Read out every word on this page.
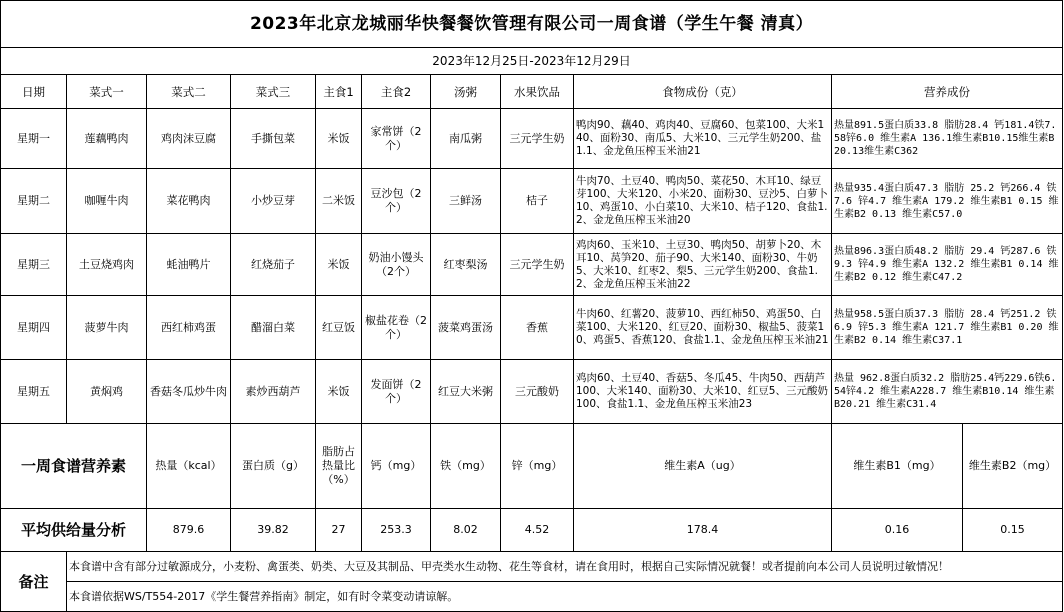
2023年北京龙城丽华快餐餐饮管理有限公司一周食谱（学生午餐 清真）											
2023年12月25日-2023年12月29日											
日期	菜式一	菜式二	菜式三	主食1	主食2	汤粥	水果饮品	食物成份（克）	营养成份		
星期一	莲藕鸭肉	鸡肉沫豆腐	手撕包菜	米饭	家常饼（2个）	南瓜粥	三元学生奶	鸭肉90、藕40、鸡肉40、豆腐60、包菜100、大米140、面粉30、南瓜5、大米10、三元学生奶200、盐1.1、金龙鱼压榨玉米油21	热量891.5蛋白质33.8 脂肪28.4 钙181.4铁7.58锌6.0 维生素A 136.1维生素B10.15维生素B20.13维生素C362		
星期二	咖喱牛肉	菜花鸭肉	小炒豆芽	二米饭	豆沙包（2个）	三鲜汤	桔子	牛肉70、土豆40、鸭肉50、菜花50、木耳10、绿豆芽100、大米120、小米20、面粉30、豆沙5、白萝卜10、鸡蛋10、小白菜10、大米10、桔子120、食盐1.2、金龙鱼压榨玉米油20	热量935.4蛋白质47.3 脂肪 25.2 钙266.4 铁7.6 锌4.7 维生素A 179.2 维生素B1 0.15 维生素B2 0.13 维生素C57.0		
星期三	土豆烧鸡肉	蚝油鸭片	红烧茄子	米饭	奶油小馒头（2个）	红枣梨汤	三元学生奶	鸡肉60、玉米10、土豆30、鸭肉50、胡萝卜20、木耳10、莴笋20、茄子90、大米140、面粉30、牛奶5、大米10、红枣2、梨5、三元学生奶200、食盐1.2、金龙鱼压榨玉米油22	热量896.3蛋白质48.2 脂肪 29.4 钙287.6 铁9.3 锌4.9 维生素A 132.2 维生素B1 0.14 维生素B2 0.12 维生素C47.2		
星期四	菠萝牛肉	西红柿鸡蛋	醋溜白菜	红豆饭	椒盐花卷（2个）	菠菜鸡蛋汤	香蕉	牛肉60、红薯20、菠萝10、西红柿50、鸡蛋50、白菜100、大米120、红豆20、面粉30、椒盐5、菠菜10、鸡蛋5、香蕉120、食盐1.1、金龙鱼压榨玉米油21	热量958.5蛋白质37.3 脂肪 28.4 钙251.2 铁6.9 锌5.3 维生素A 121.7 维生素B1 0.20 维生素B2 0.14 维生素C37.1		
星期五	黄焖鸡	香菇冬瓜炒牛肉	素炒西葫芦	米饭	发面饼（2个）	红豆大米粥	三元酸奶	鸡肉60、土豆40、香菇5、冬瓜45、牛肉50、西葫芦100、大米140、面粉30、大米10、红豆5、三元酸奶100、食盐1.1、金龙鱼压榨玉米油23	热量 962.8蛋白质32.2 脂肪25.4钙229.6铁6.54锌4.2 维生素A228.7 维生素B10.14 维生素B20.21 维生素C31.4		
一周食谱营养素		热量（kcal）	蛋白质（g）	脂肪占热量比（%）	钙（mg）	铁（mg）	锌（mg）	维生素A（ug）	维生素B1（mg）	维生素B2（mg）	
平均供给量分析		879.6	39.82	27	253.3	8.02	4.52	178.4	0.16	0.15	
备注	本食谱中含有部分过敏源成分，小麦粉、禽蛋类、奶类、大豆及其制品、甲壳类水生动物、花生等食材，请在食用时，根据自己实际情况就餐！或者提前向本公司人员说明过敏情况！										
	本食谱依据WS/T554-2017《学生餐营养指南》制定，如有时令菜变动请谅解。										
